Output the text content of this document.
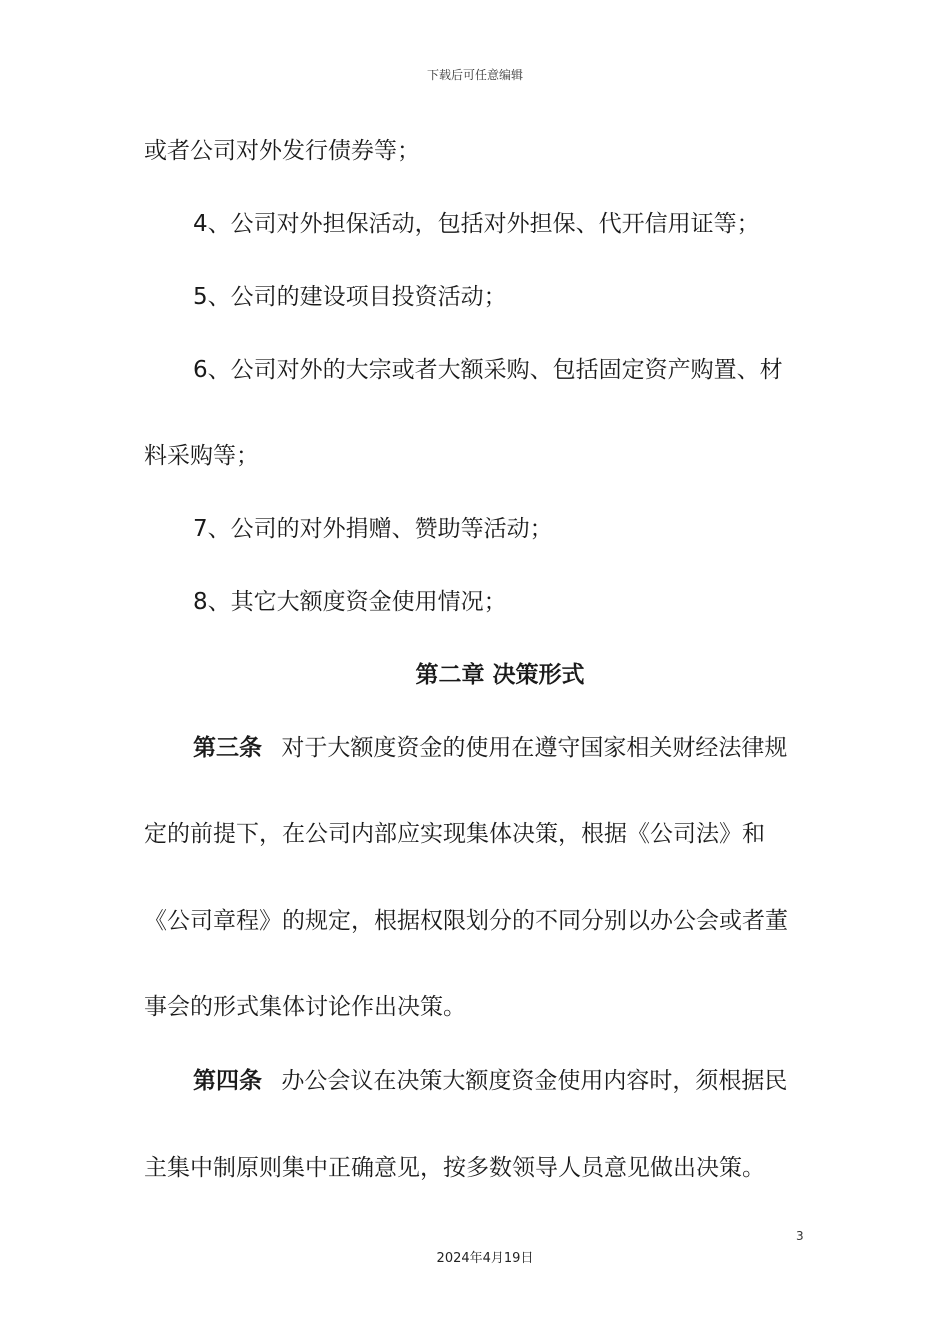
下载后可任意编辑
或者公司对外发行债券等；
4、公司对外担保活动，包括对外担保、代开信用证等；
5、公司的建设项目投资活动；
6、公司对外的大宗或者大额采购、包括固定资产购置、材
料采购等；
7、公司的对外捐赠、赞助等活动；
8、其它大额度资金使用情况；
第二章 决策形式
第三条 对于大额度资金的使用在遵守国家相关财经法律规
定的前提下，在公司内部应实现集体决策，根据《公司法》和
《公司章程》的规定，根据权限划分的不同分别以办公会或者董
事会的形式集体讨论作出决策。
第四条 办公会议在决策大额度资金使用内容时，须根据民
主集中制原则集中正确意见，按多数领导人员意见做出决策。
3
2024年4月19日
